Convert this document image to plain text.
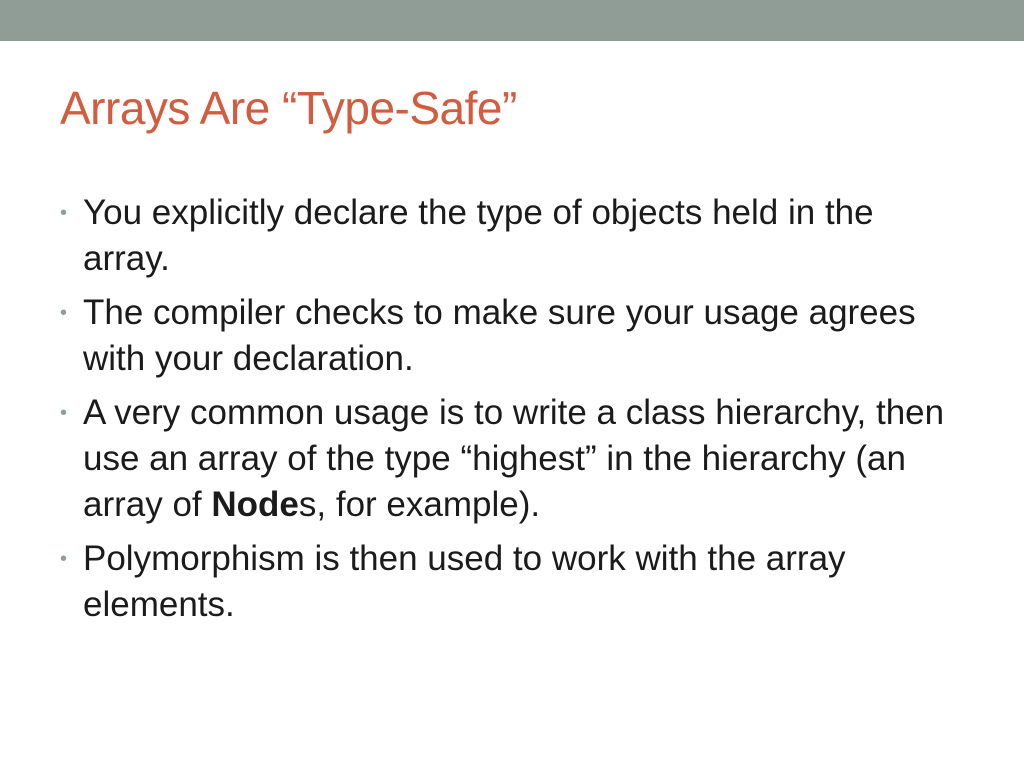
Arrays Are “Type-Safe”
• You explicitly declare the type of objects held in the array.
• The compiler checks to make sure your usage agrees with your declaration.
• A very common usage is to write a class hierarchy, then use an array of the type “highest” in the hierarchy (an array of Nodes, for example).
• Polymorphism is then used to work with the array elements.
